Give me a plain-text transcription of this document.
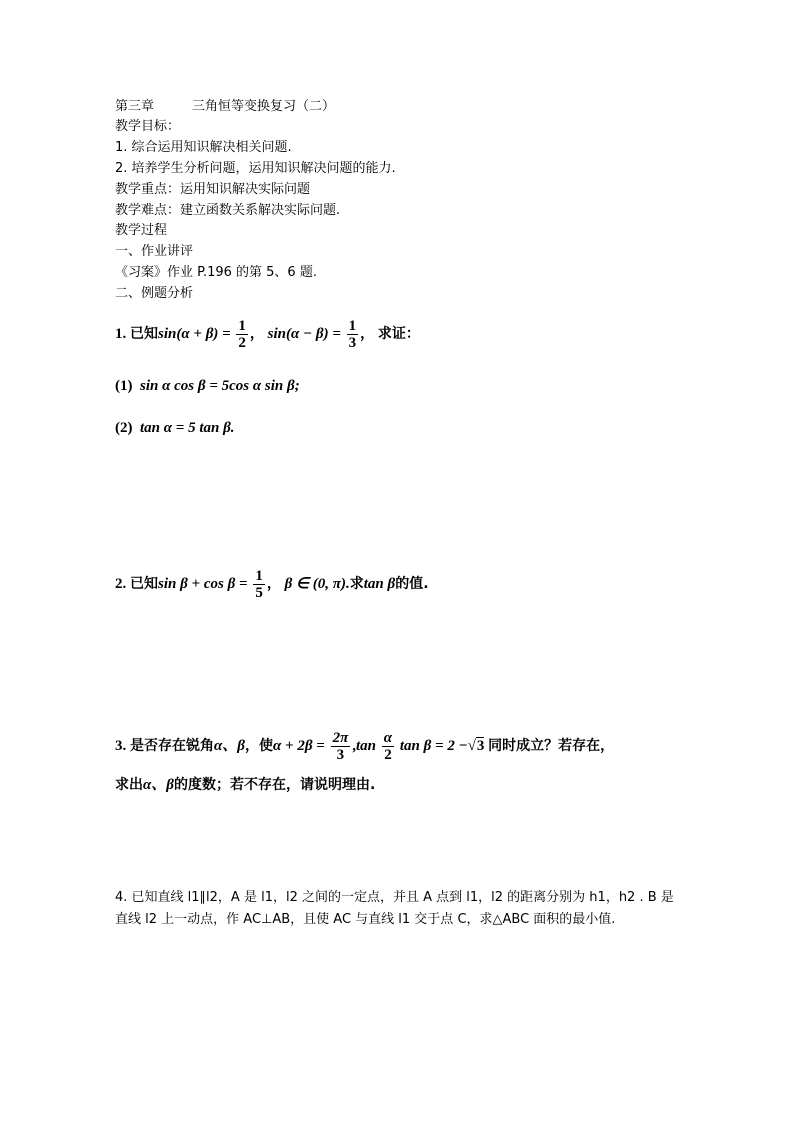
第三章	三角恒等变换复习（二）
教学目标：
1. 综合运用知识解决相关问题.
2. 培养学生分析问题，运用知识解决问题的能力.
教学重点：运用知识解决实际问题
教学难点：建立函数关系解决实际问题.
教学过程
一、作业讲评
《习案》作业 P.196 的第 5、6 题.
二、例题分析
1. 已知$\sin(\alpha + \beta) = \frac{1}{2}$ ， $\sin(\alpha - \beta) = \frac{1}{3}$ ， 求证：
(1) sin α cos β = 5cos α sin β;
(2) tan α = 5 tan β.
2. 已知$\sin \beta + \cos \beta = \frac{1}{5}$ ， β ∈ (0, π).求tan β的值.
3. 是否存在锐角α、β，使$\alpha + 2\beta = \frac{2\pi}{3} ,\tan \frac{\alpha}{2}$ tan β = 2 −√3 同时成立？若存在，
求出α、β的度数；若不存在，请说明理由.
4. 已知直线 l1∥l2，A 是 l1，l2 之间的一定点，并且 A 点到 l1，l2 的距离分别为 h1，h2 . B 是
直线 l2 上一动点，作 AC⊥AB，且使 AC 与直线 l1 交于点 C，求△ABC 面积的最小值.
